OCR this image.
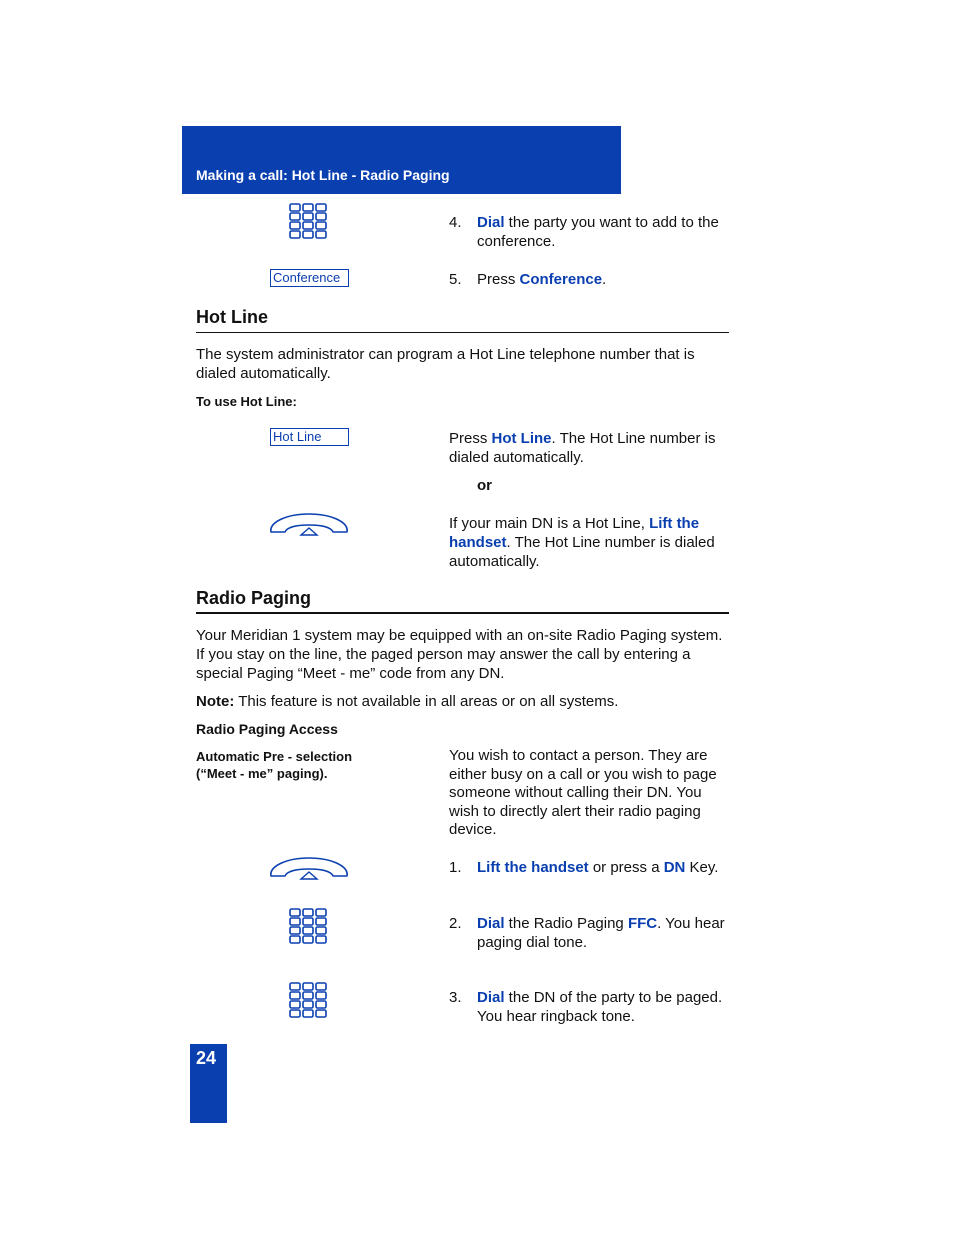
Making a call: Hot Line - Radio Paging
4.	Dial the party you want to add to the conference.
Conference	5.	Press Conference.
Hot Line
The system administrator can program a Hot Line telephone number that is dialed automatically.
To use Hot Line:
Hot Line	Press Hot Line. The Hot Line number is dialed automatically.
or
If your main DN is a Hot Line, Lift the handset. The Hot Line number is dialed automatically.
Radio Paging
Your Meridian 1 system may be equipped with an on-site Radio Paging system. If you stay on the line, the paged person may answer the call by entering a special Paging “Meet - me” code from any DN.
Note: This feature is not available in all areas or on all systems.
Radio Paging Access
Automatic Pre - selection
(“Meet - me” paging).
You wish to contact a person. They are either busy on a call or you wish to page someone without calling their DN. You wish to directly alert their radio paging device.
1.	Lift the handset or press a DN Key.
2.	Dial the Radio Paging FFC. You hear paging dial tone.
3.	Dial the DN of the party to be paged. You hear ringback tone.
24
